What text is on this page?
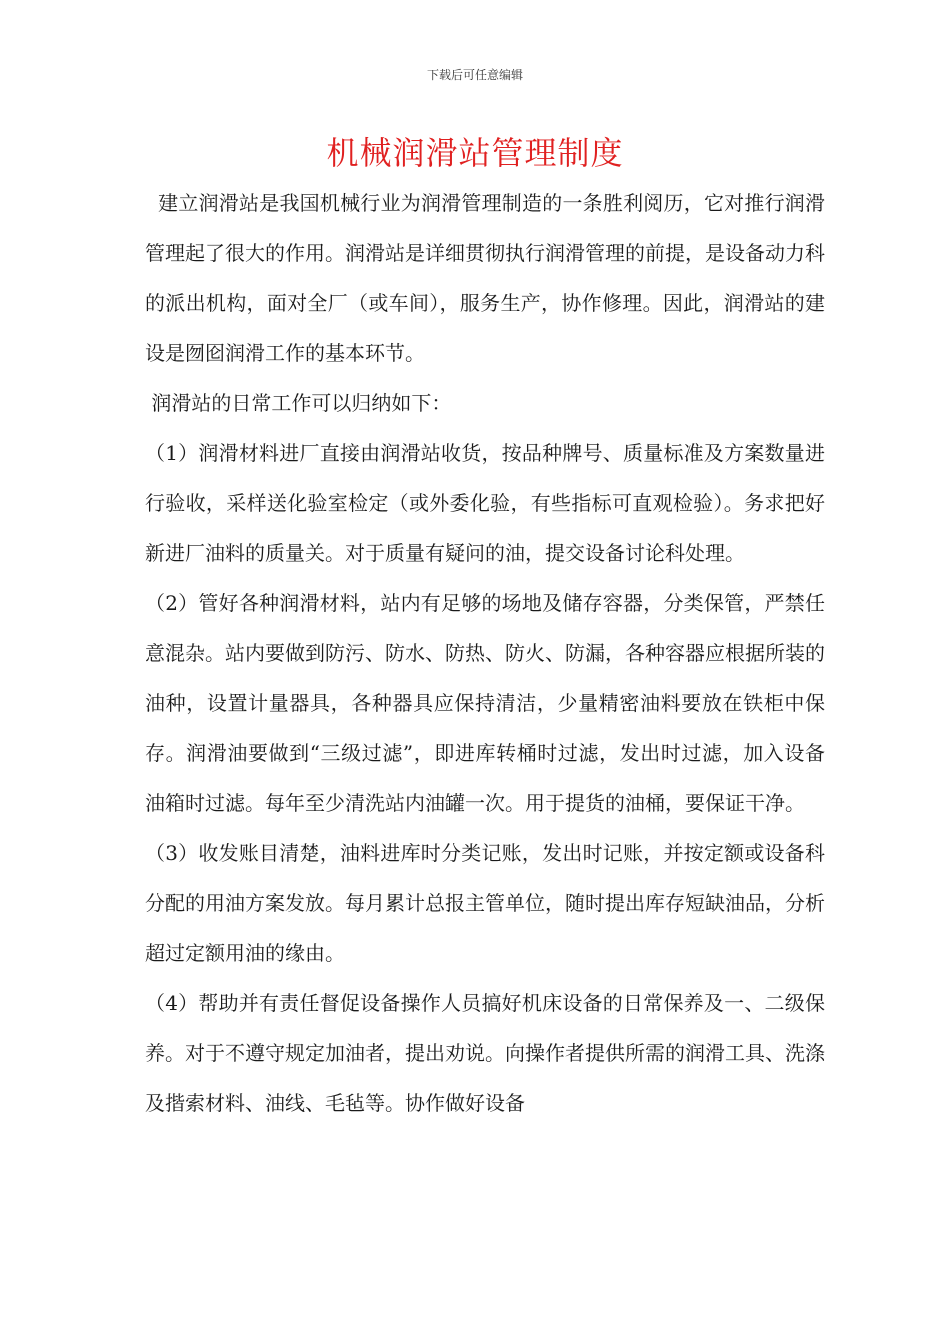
下载后可任意编辑
机械润滑站管理制度

建立润滑站是我国机械行业为润滑管理制造的一条胜利阅历，它对推行润滑管理起了很大的作用。润滑站是详细贯彻执行润滑管理的前提，是设备动力科的派出机构，面对全厂（或车间），服务生产，协作修理。因此，润滑站的建设是囫囵润滑工作的基本环节。

润滑站的日常工作可以归纳如下：

（1）润滑材料进厂直接由润滑站收货，按品种牌号、质量标准及方案数量进行验收，采样送化验室检定（或外委化验，有些指标可直观检验）。务求把好新进厂油料的质量关。对于质量有疑问的油，提交设备讨论科处理。

（2）管好各种润滑材料，站内有足够的场地及储存容器，分类保管，严禁任意混杂。站内要做到防污、防水、防热、防火、防漏，各种容器应根据所装的油种，设置计量器具，各种器具应保持清洁，少量精密油料要放在铁柜中保存。润滑油要做到“三级过滤”，即进库转桶时过滤，发出时过滤，加入设备油箱时过滤。每年至少清洗站内油罐一次。用于提货的油桶，要保证干净。

（3）收发账目清楚，油料进库时分类记账，发出时记账，并按定额或设备科分配的用油方案发放。每月累计总报主管单位，随时提出库存短缺油品，分析超过定额用油的缘由。

（4）帮助并有责任督促设备操作人员搞好机床设备的日常保养及一、二级保养。对于不遵守规定加油者，提出劝说。向操作者提供所需的润滑工具、洗涤及揩索材料、油线、毛毡等。协作做好设备
